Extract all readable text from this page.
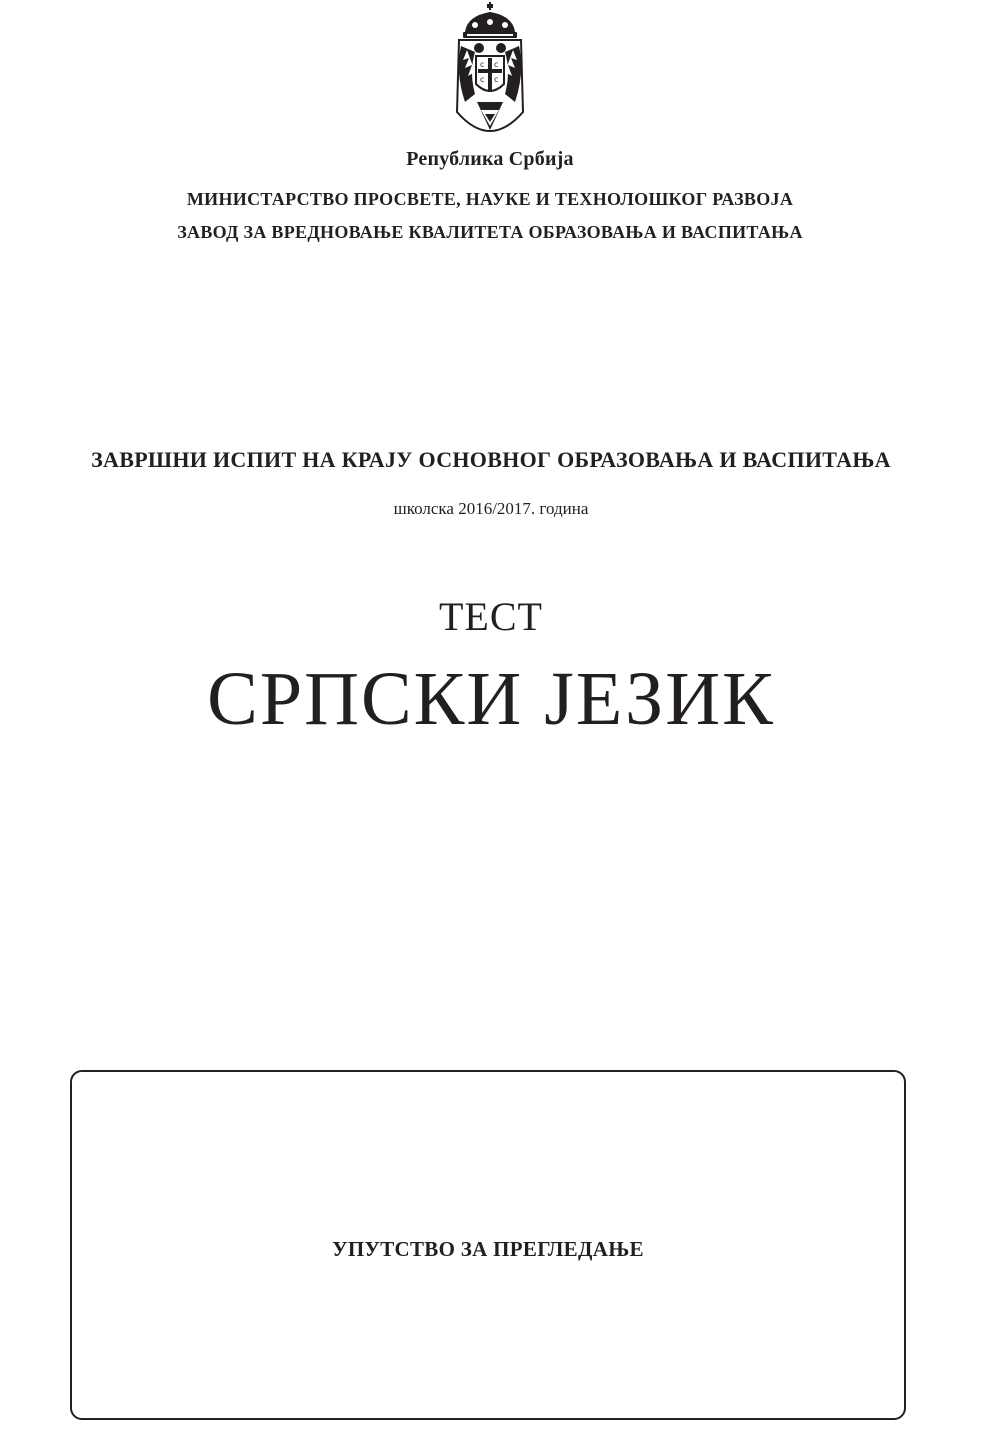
с с
с с
Република Србија
МИНИСТАРСТВО ПРОСВЕТЕ, НАУКЕ И ТЕХНОЛОШКОГ РАЗВОЈА
ЗАВОД ЗА ВРЕДНОВАЊЕ КВАЛИТЕТА ОБРАЗОВАЊА И ВАСПИТАЊА
ЗАВРШНИ ИСПИТ НА КРАЈУ ОСНОВНОГ ОБРАЗОВАЊА И ВАСПИТАЊА
школска 2016/2017. година
ТЕСТ
СРПСКИ ЈЕЗИК
УПУТСТВО ЗА ПРЕГЛЕДАЊЕ
